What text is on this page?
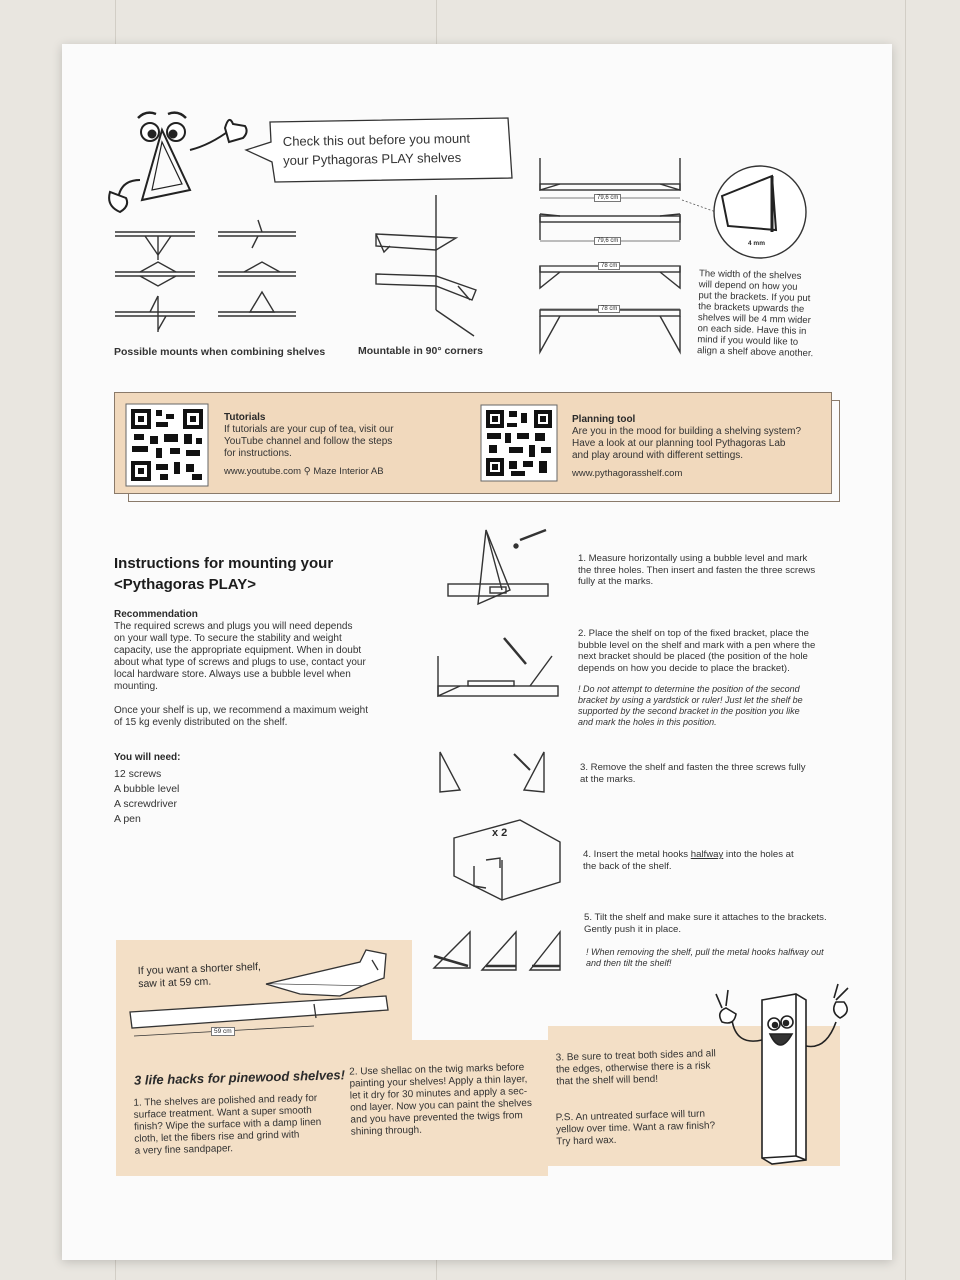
Check this out before you mount
your Pythagoras PLAY shelves
Possible mounts when combining shelves	Mountable in 90° corners
79,6 cm
79,6 cm
78 cm
78 cm
4 mm
The width of the shelves
will depend on how you
put the brackets. If you put
the brackets upwards the
shelves will be 4 mm wider
on each side. Have this in
mind if you would like to
align a shelf above another.
Tutorials
If tutorials are your cup of tea, visit our
YouTube channel and follow the steps
for instructions.
www.youtube.com ⚲ Maze Interior AB
Planning tool
Are you in the mood for building a shelving system?
Have a look at our planning tool Pythagoras Lab
and play around with different settings.
www.pythagorasshelf.com
Instructions for mounting your
<Pythagoras PLAY>
Recommendation
The required screws and plugs you will need depends
on your wall type. To secure the stability and weight
capacity, use the appropriate equipment. When in doubt
about what type of screws and plugs to use, contact your
local hardware store. Always use a bubble level when
mounting.
Once your shelf is up, we recommend a maximum weight
of 15 kg evenly distributed on the shelf.
You will need:
12 screws
A bubble level
A screwdriver
A pen
1. Measure horizontally using a bubble level and mark
the three holes. Then insert and fasten the three screws
fully at the marks.
2. Place the shelf on top of the fixed bracket, place the
bubble level on the shelf and mark with a pen where the
next bracket should be placed (the position of the hole
depends on how you decide to place the bracket).
! Do not attempt to determine the position of the second
bracket by using a yardstick or ruler! Just let the shelf be
supported by the second bracket in the position you like
and mark the holes in this position.
3. Remove the shelf and fasten the three screws fully
at the marks.
x 2
4. Insert the metal hooks halfway into the holes at
the back of the shelf.
5. Tilt the shelf and make sure it attaches to the brackets.
Gently push it in place.
! When removing the shelf, pull the metal hooks halfway out
and then tilt the shelf!
If you want a shorter shelf,
saw it at 59 cm.
59 cm
3 life hacks for pinewood shelves!
1. The shelves are polished and ready for
surface treatment. Want a super smooth
finish? Wipe the surface with a damp linen
cloth, let the fibers rise and grind with
a very fine sandpaper.
2. Use shellac on the twig marks before
painting your shelves! Apply a thin layer,
let it dry for 30 minutes and apply a sec-
ond layer. Now you can paint the shelves
and you have prevented the twigs from
shining through.
3. Be sure to treat both sides and all
the edges, otherwise there is a risk
that the shelf will bend!
P.S. An untreated surface will turn
yellow over time. Want a raw finish?
Try hard wax.
